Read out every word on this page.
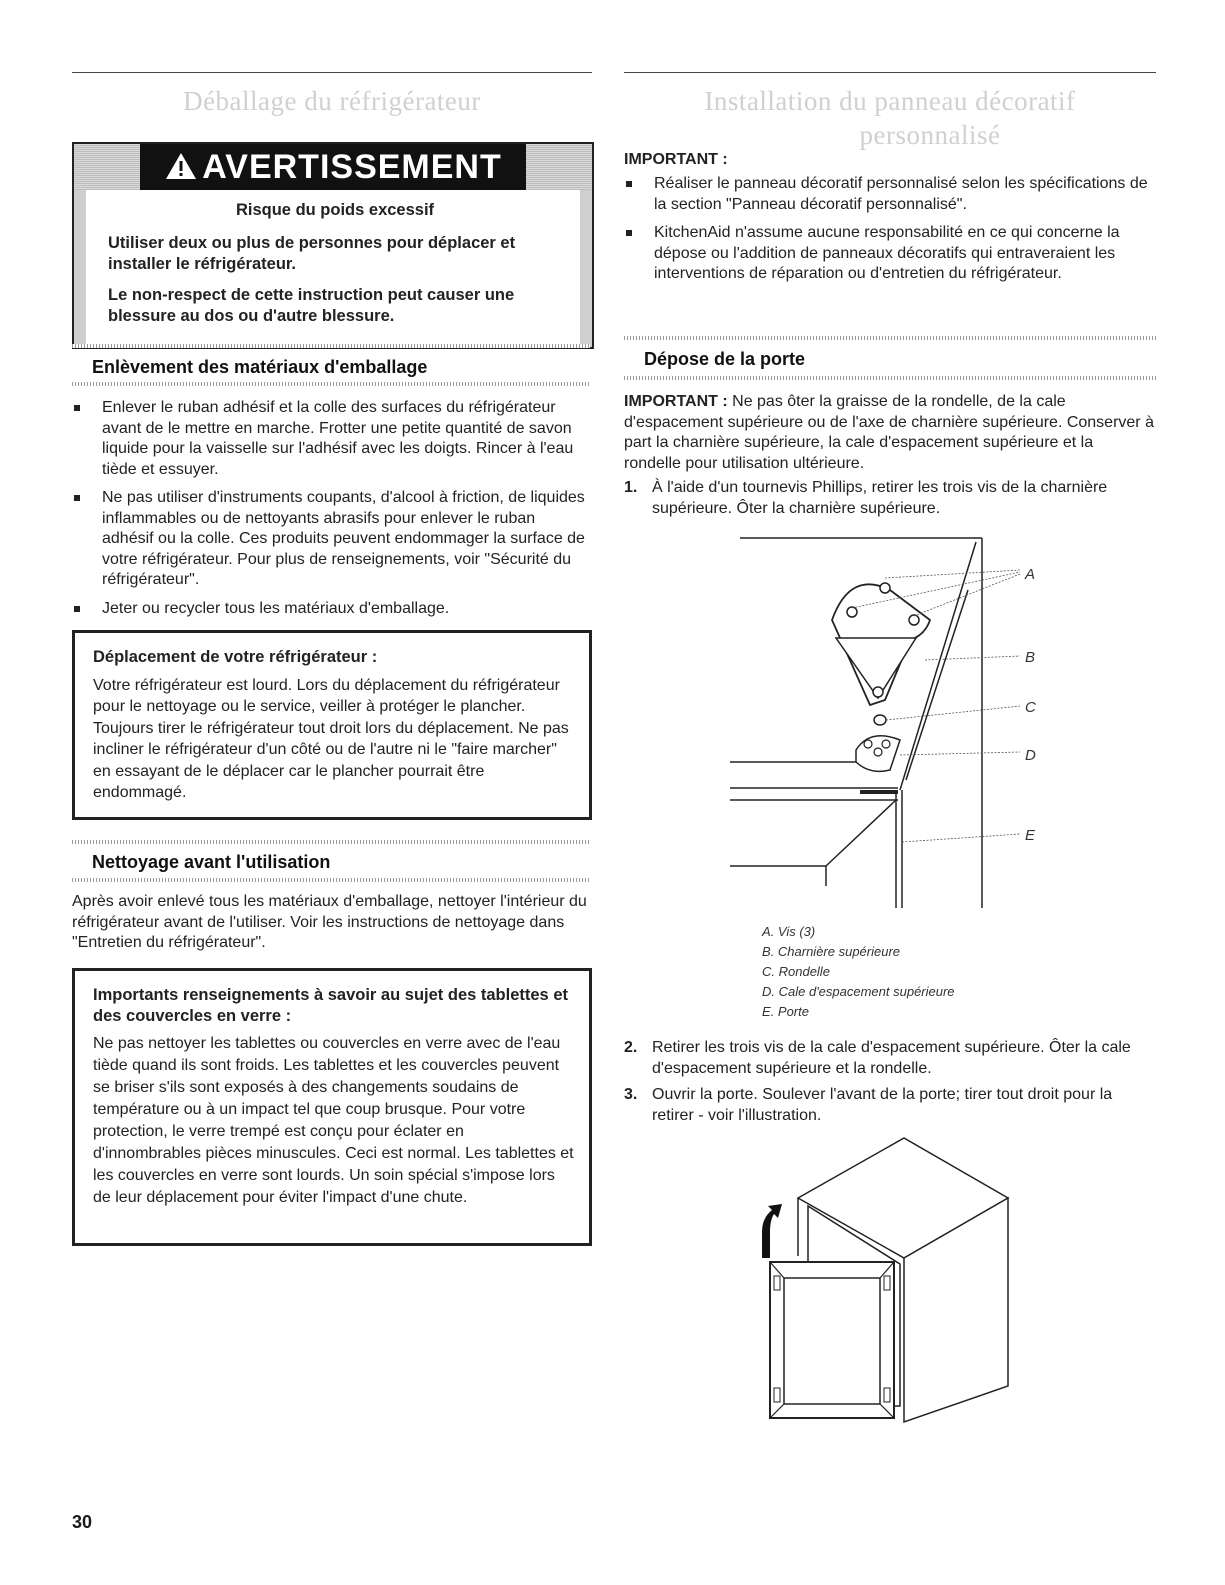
Déballage du réfrigérateur
AVERTISSEMENT

Risque du poids excessif

Utiliser deux ou plus de personnes pour déplacer et installer le réfrigérateur.

Le non-respect de cette instruction peut causer une blessure au dos ou d'autre blessure.

Enlèvement des matériaux d'emballage
Enlever le ruban adhésif et la colle des surfaces du réfrigérateur avant de le mettre en marche. Frotter une petite quantité de savon liquide pour la vaisselle sur l'adhésif avec les doigts. Rincer à l'eau tiède et essuyer.
Ne pas utiliser d'instruments coupants, d'alcool à friction, de liquides inflammables ou de nettoyants abrasifs pour enlever le ruban adhésif ou la colle. Ces produits peuvent endommager la surface de votre réfrigérateur. Pour plus de renseignements, voir "Sécurité du réfrigérateur".
Jeter ou recycler tous les matériaux d'emballage.

Déplacement de votre réfrigérateur :

Votre réfrigérateur est lourd. Lors du déplacement du réfrigérateur pour le nettoyage ou le service, veiller à protéger le plancher. Toujours tirer le réfrigérateur tout droit lors du déplacement. Ne pas incliner le réfrigérateur d'un côté ou de l'autre ni le "faire marcher" en essayant de le déplacer car le plancher pourrait être endommagé.

Nettoyage avant l'utilisation
Après avoir enlevé tous les matériaux d'emballage, nettoyer l'intérieur du réfrigérateur avant de l'utiliser. Voir les instructions de nettoyage dans "Entretien du réfrigérateur".

Importants renseignements à savoir au sujet des tablettes et des couvercles en verre :

Ne pas nettoyer les tablettes ou couvercles en verre avec de l'eau tiède quand ils sont froids. Les tablettes et les couvercles peuvent se briser s'ils sont exposés à des changements soudains de température ou à un impact tel que coup brusque. Pour votre protection, le verre trempé est conçu pour éclater en d'innombrables pièces minuscules. Ceci est normal. Les tablettes et les couvercles en verre sont lourds. Un soin spécial s'impose lors de leur déplacement pour éviter l'impact d'une chute.

Installation du panneau décoratif
personnalisé
IMPORTANT :
Réaliser le panneau décoratif personnalisé selon les spécifications de la section "Panneau décoratif personnalisé".
KitchenAid n'assume aucune responsabilité en ce qui concerne la dépose ou l'addition de panneaux décoratifs qui entraveraient les interventions de réparation ou d'entretien du réfrigérateur.
Dépose de la porte
IMPORTANT : Ne pas ôter la graisse de la rondelle, de la cale d'espacement supérieure ou de l'axe de charnière supérieure. Conserver à part la charnière supérieure, la cale d'espacement supérieure et la rondelle pour utilisation ultérieure.
1. À l'aide d'un tournevis Phillips, retirer les trois vis de la charnière supérieure. Ôter la charnière supérieure.
A
B
C
D
E
A. Vis (3)
B. Charnière supérieure
C. Rondelle
D. Cale d'espacement supérieure
E. Porte
2. Retirer les trois vis de la cale d'espacement supérieure. Ôter la cale d'espacement supérieure et la rondelle.
3. Ouvrir la porte. Soulever l'avant de la porte; tirer tout droit pour la retirer - voir l'illustration.
30
